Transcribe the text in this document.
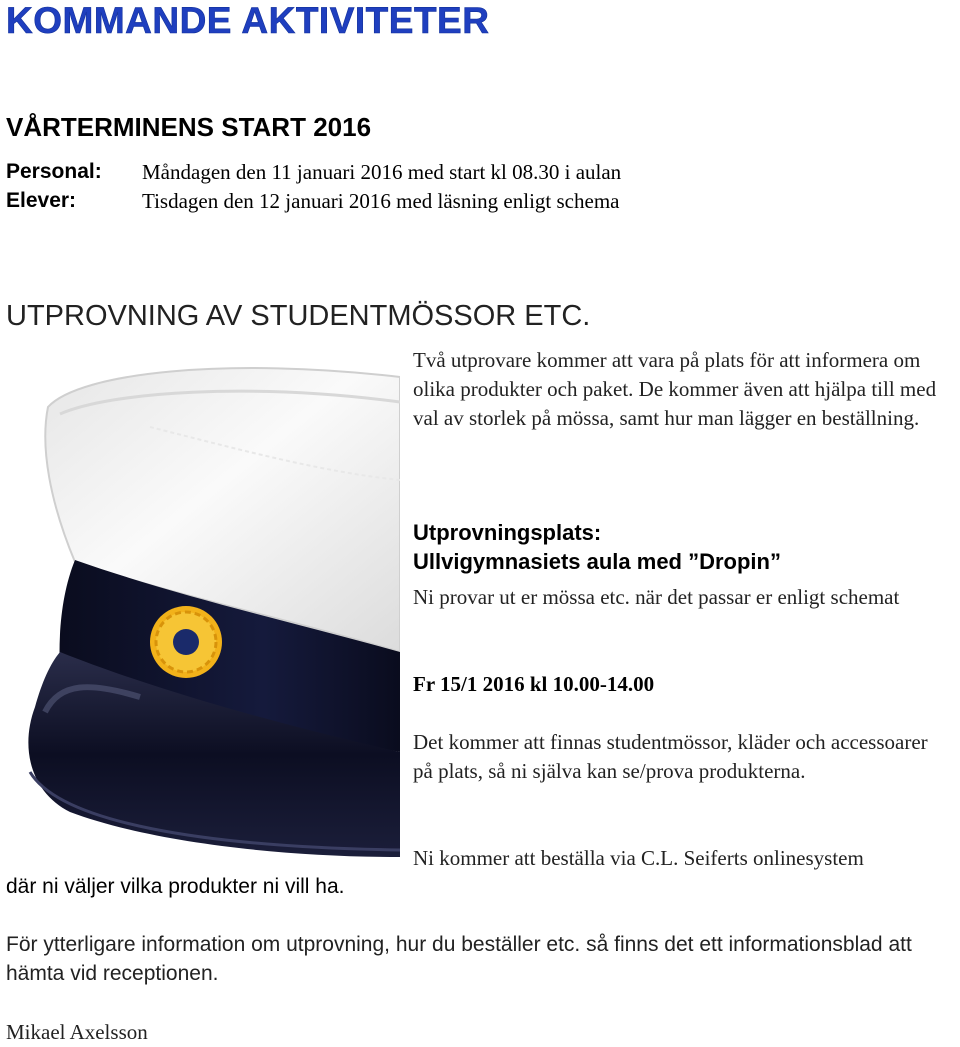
KOMMANDE AKTIVITETER
VÅRTERMINENS START 2016
Personal: Måndagen den 11 januari 2016 med start kl 08.30 i aulan
Elever:	Tisdagen den 12 januari 2016 med läsning enligt schema
UTPROVNING AV STUDENTMÖSSOR ETC.
Två utprovare kommer att vara på plats för att informera om olika produkter och paket. De kommer även att hjälpa till med val av storlek på mössa, samt hur man lägger en beställning.
Utprovningsplats:
Ullvigymnasiets aula med ”Dropin”
Ni provar ut er mössa etc. när det passar er enligt schemat
Fr 15/1 2016 kl 10.00-14.00
Det kommer att finnas studentmössor, kläder och accessoarer på plats, så ni själva kan se/prova produkterna.
Ni kommer att beställa via C.L. Seiferts onlinesystem
där ni väljer vilka produkter ni vill ha.
För ytterligare information om utprovning, hur du beställer etc. så finns det ett informationsblad att hämta vid receptionen.
Mikael Axelsson
